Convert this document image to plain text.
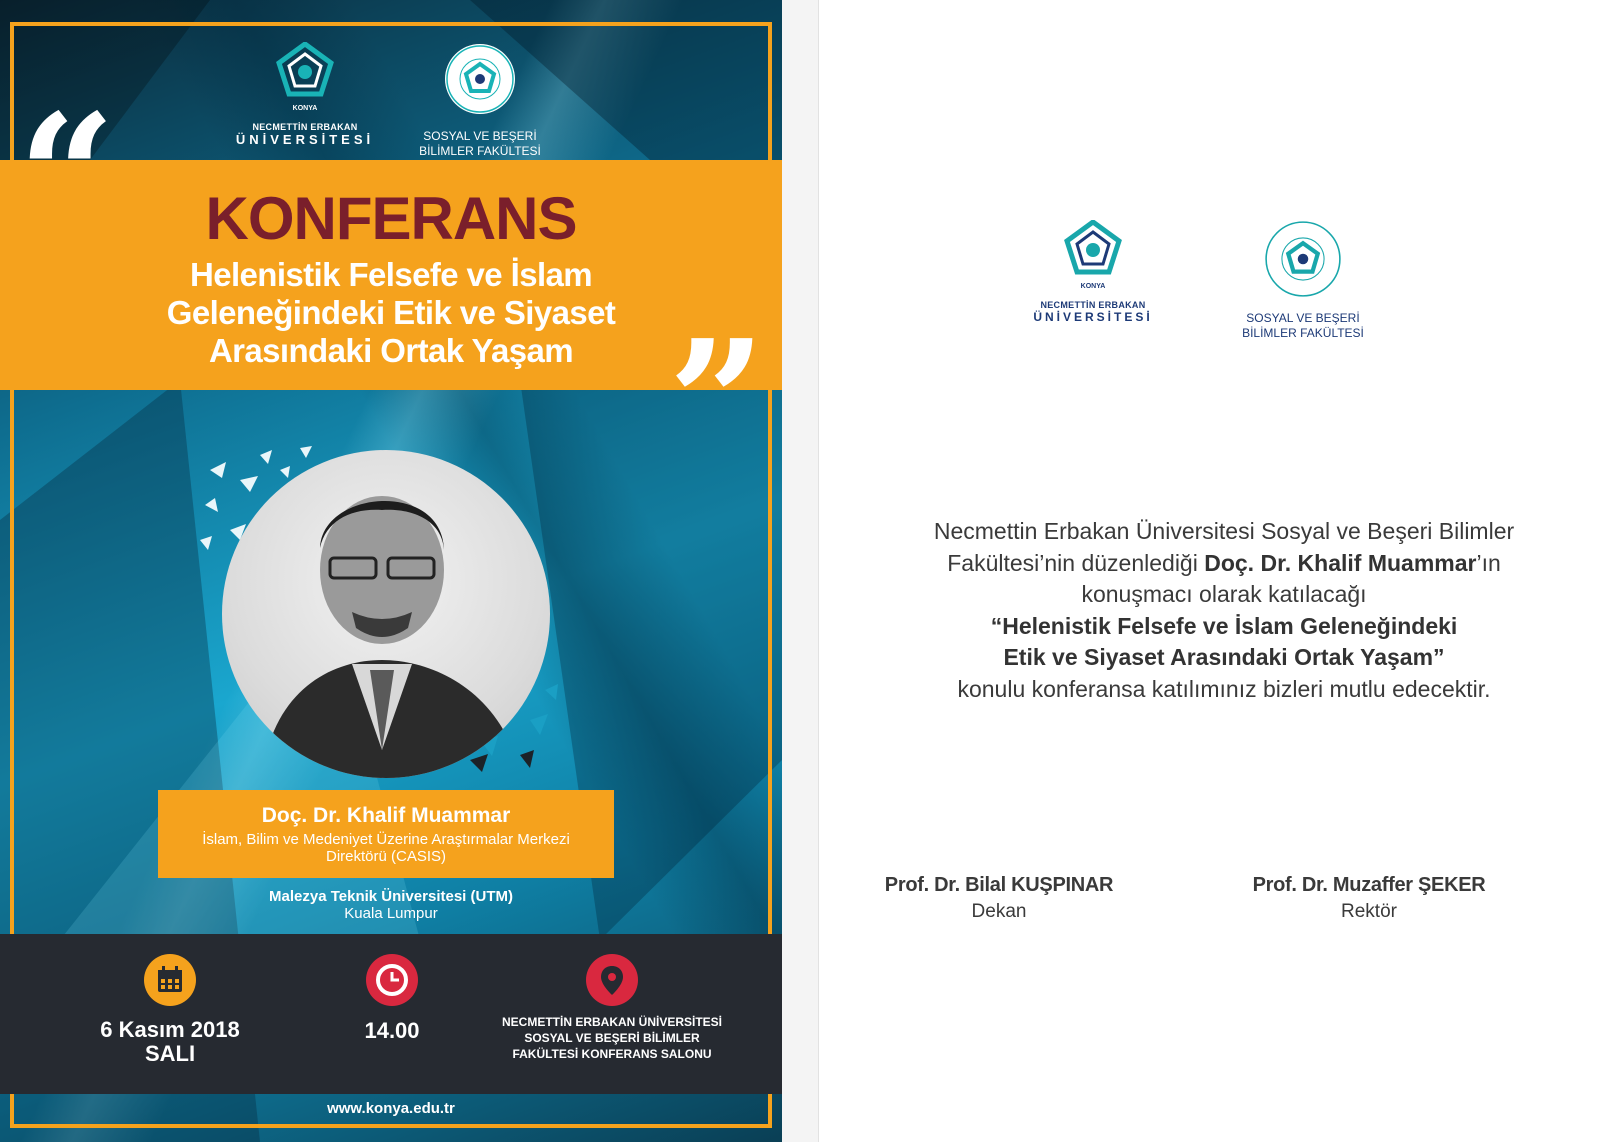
KONYA
NECMETTİN ERBAKAN
ÜNİVERSİTESİ	SOSYAL VE BEŞERİ
BİLİMLER FAKÜLTESİ
“	KONFERANS
Helenistik Felsefe ve İslam
Geleneğindeki Etik ve Siyaset
Arasındaki Ortak Yaşam ”
Doç. Dr. Khalif Muammar
İslam, Bilim ve Medeniyet Üzerine Araştırmalar Merkezi
Direktörü (CASIS)
Malezya Teknik Üniversitesi (UTM)
Kuala Lumpur
6 Kasım 2018
SALI
14.00	NECMETTİN ERBAKAN ÜNİVERSİTESİ
SOSYAL VE BEŞERİ BİLİMLER
FAKÜLTESİ KONFERANS SALONU
www.konya.edu.tr
KONYA
NECMETTİN ERBAKAN
ÜNİVERSİTESİ	SOSYAL VE BEŞERİ
BİLİMLER FAKÜLTESİ
Necmettin Erbakan Üniversitesi Sosyal ve Beşeri Bilimler
Fakültesi’nin düzenlediği Doç. Dr. Khalif Muammar’ın
konuşmacı olarak katılacağı
“Helenistik Felsefe ve İslam Geleneğindeki
Etik ve Siyaset Arasındaki Ortak Yaşam”
konulu konferansa katılımınız bizleri mutlu edecektir.
Prof. Dr. Bilal KUŞPINAR
Dekan
Prof. Dr. Muzaffer ŞEKER
Rektör
